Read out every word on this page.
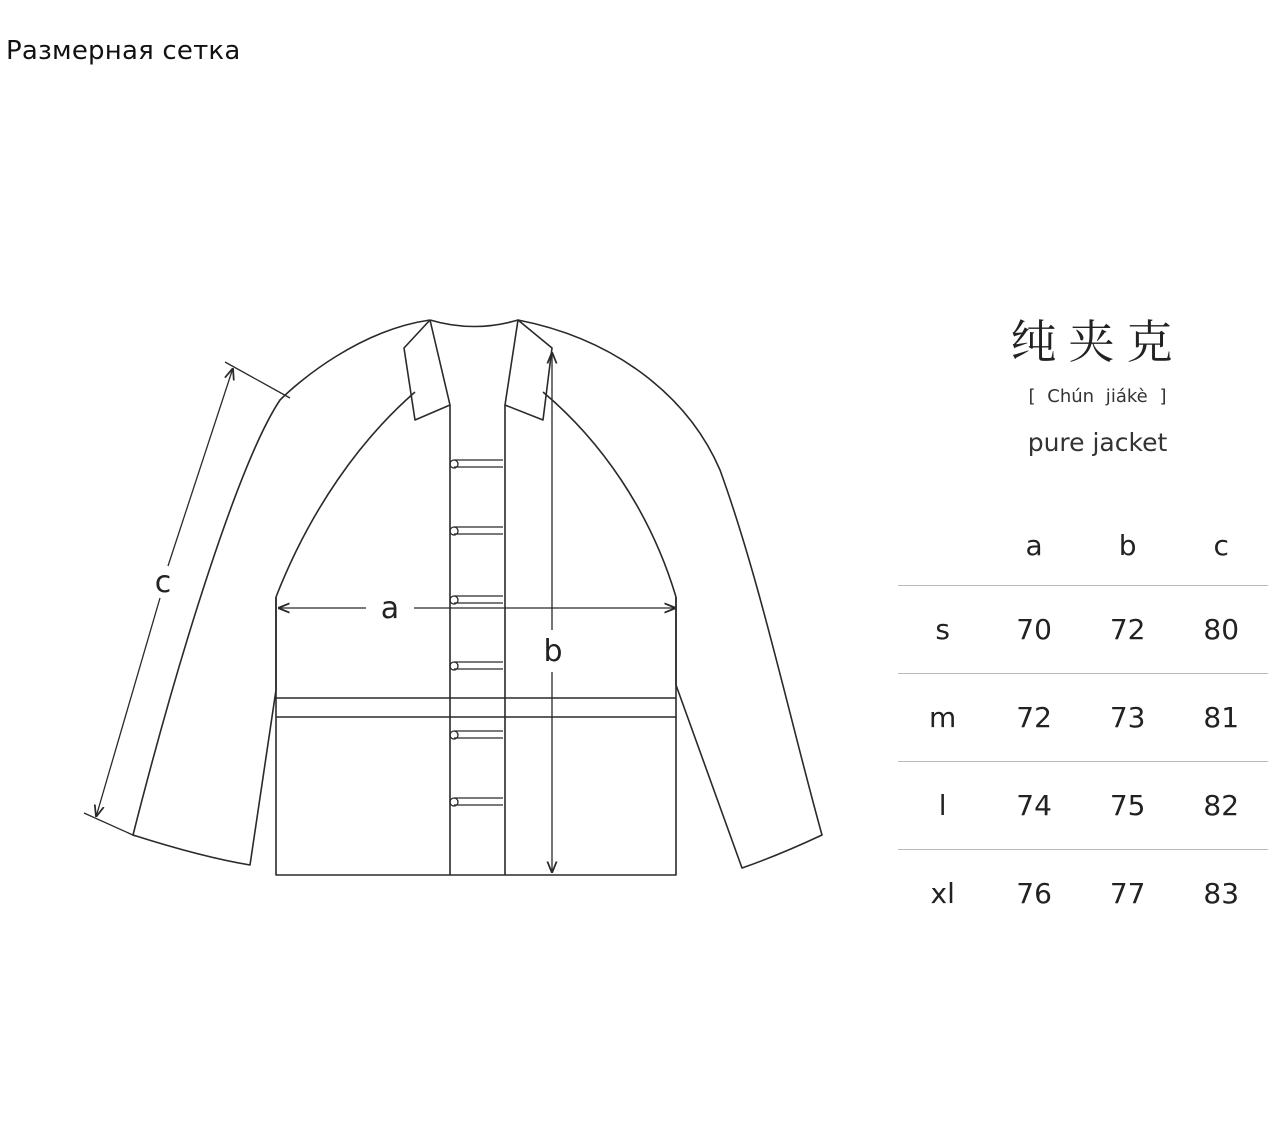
Размерная сетка
a
b
c
纯夹克
[ Chún jiákè ]
pure jacket
	a	b	c
s	70	72	80
m	72	73	81
l	74	75	82
xl	76	77	83
